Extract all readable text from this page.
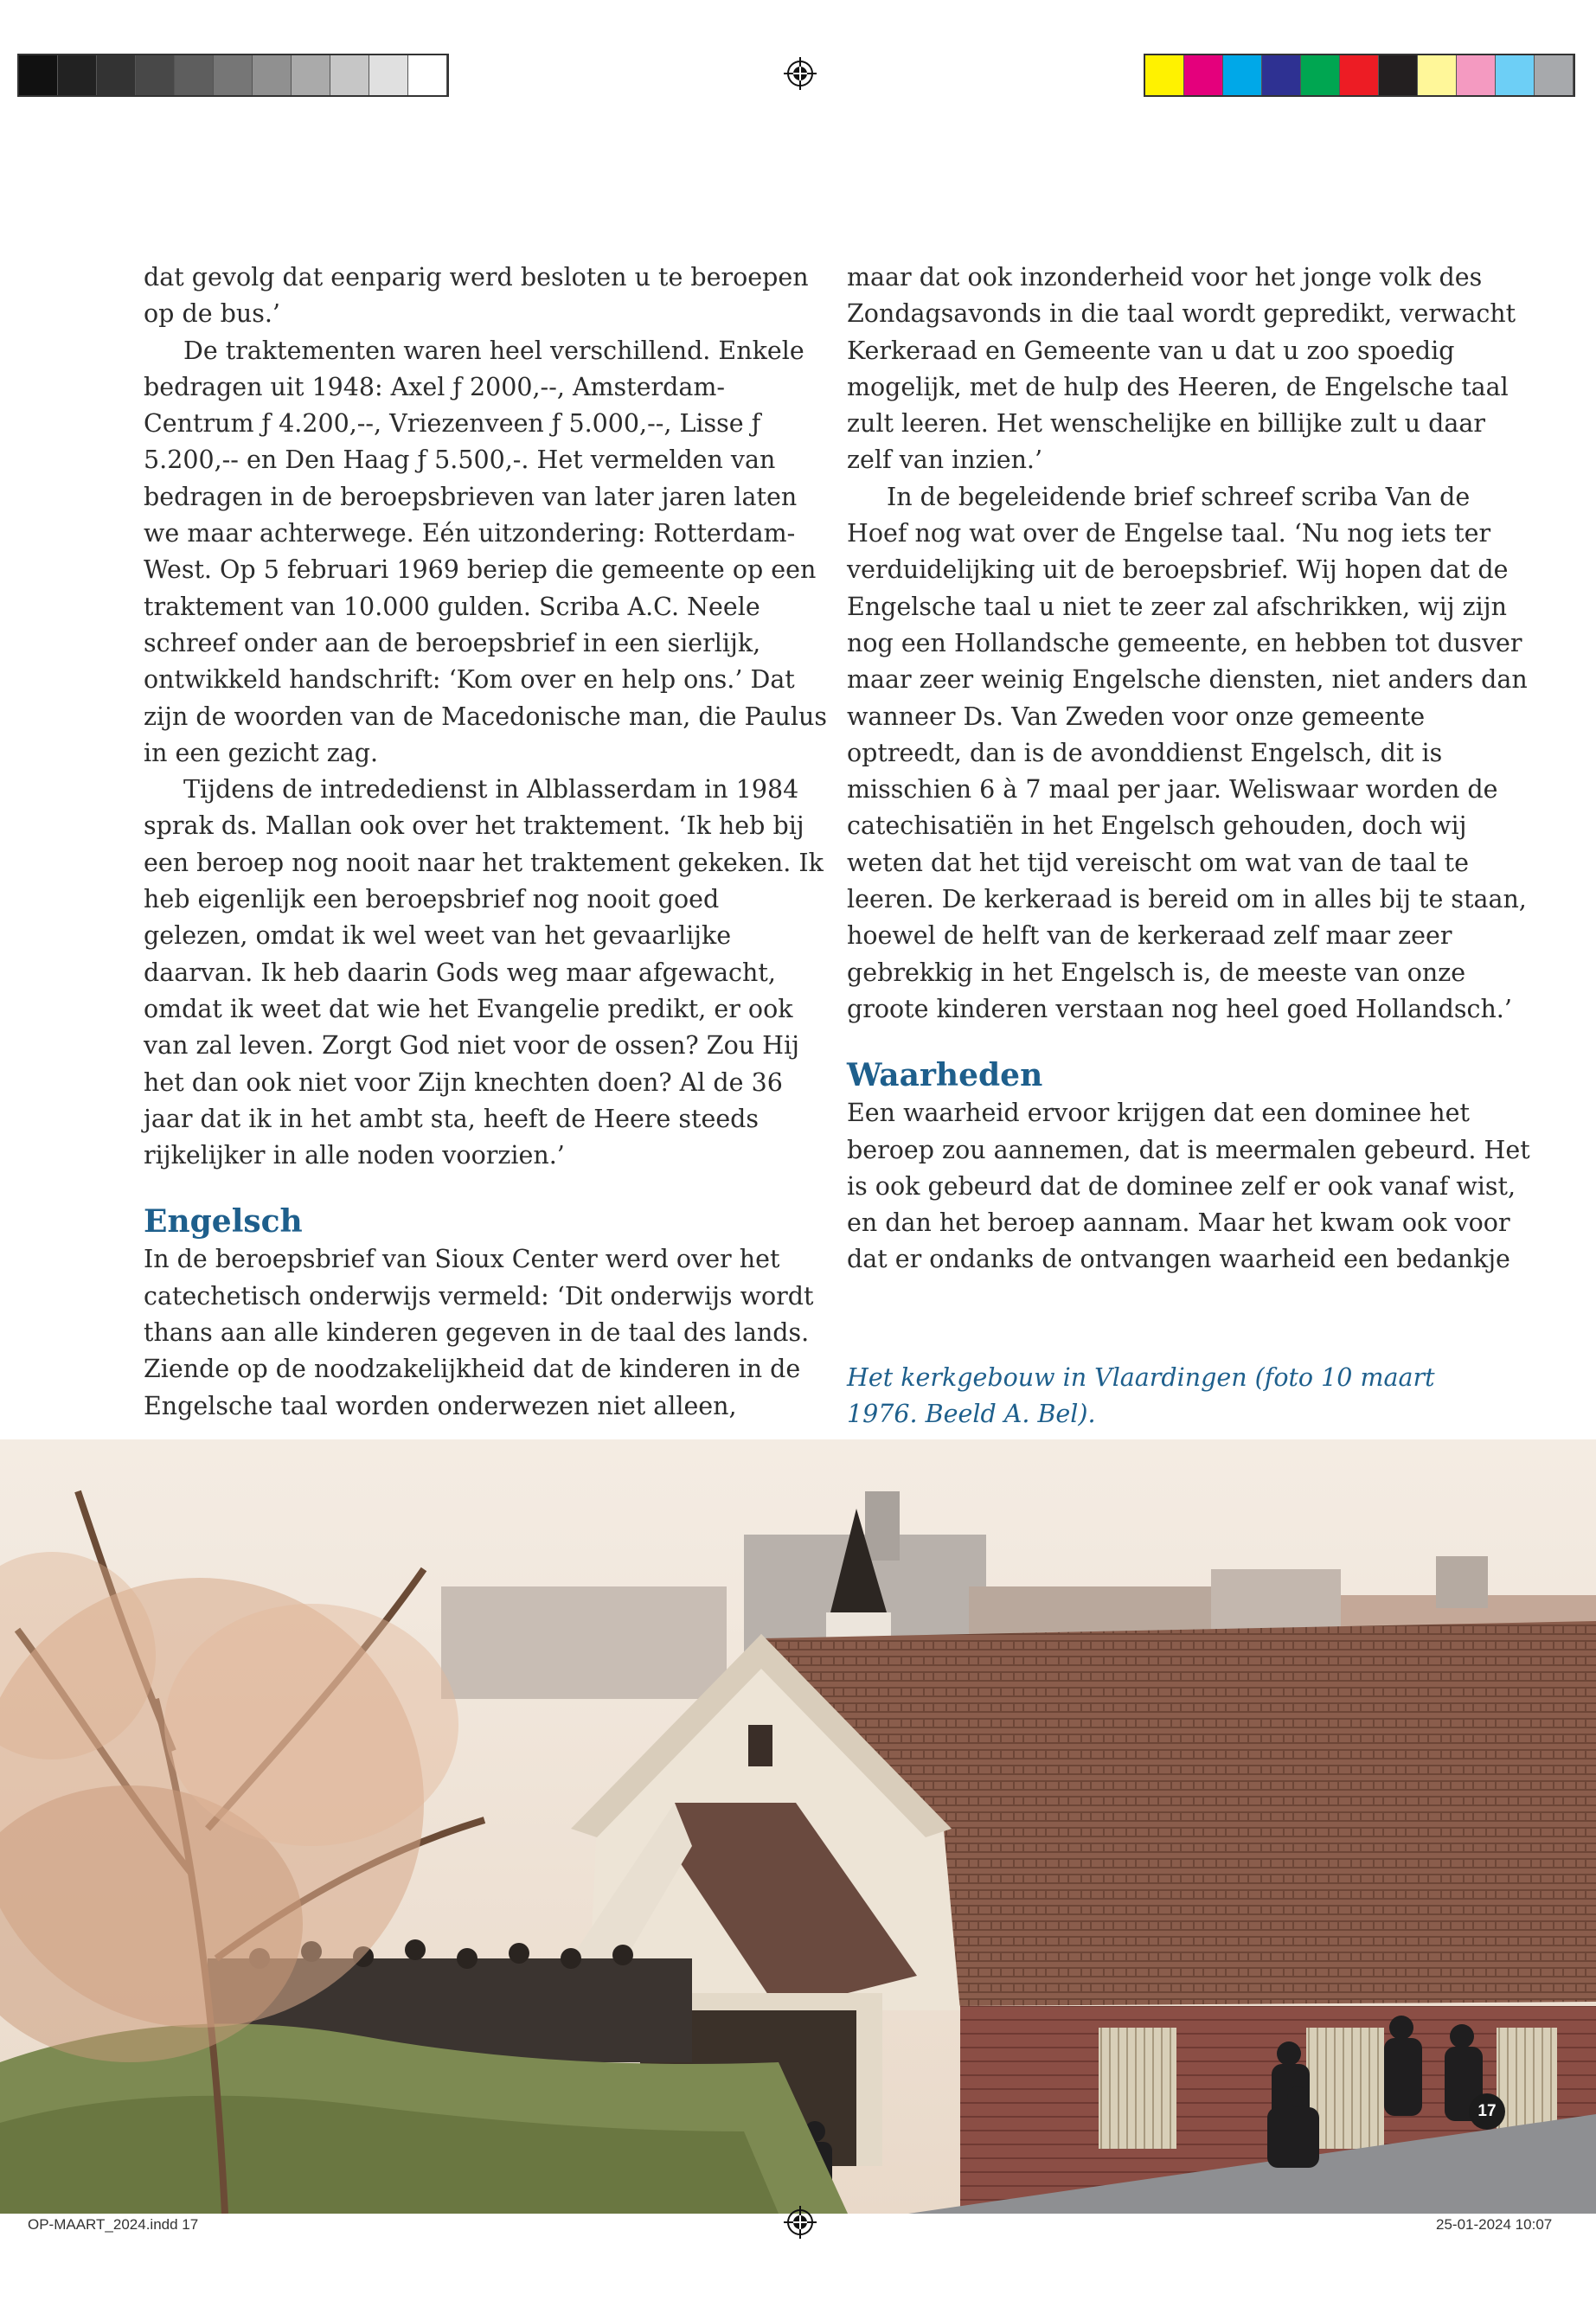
dat gevolg dat eenparig werd besloten u te beroepen op de bus.’

De traktementen waren heel verschillend. Enkele bedragen uit 1948: Axel ƒ 2000,--, Amsterdam-Centrum ƒ 4.200,--, Vriezenveen ƒ 5.000,--, Lisse ƒ 5.200,-- en Den Haag ƒ 5.500,-. Het vermelden van bedragen in de beroepsbrieven van later jaren laten we maar achterwege. Eén uitzondering: Rotterdam-West. Op 5 februari 1969 beriep die gemeente op een traktement van 10.000 gulden. Scriba A.C. Neele schreef onder aan de beroepsbrief in een sierlijk, ontwikkeld handschrift: ‘Kom over en help ons.’ Dat zijn de woorden van de Macedonische man, die Paulus in een gezicht zag.

Tijdens de intrededienst in Alblasserdam in 1984 sprak ds. Mallan ook over het traktement. ‘Ik heb bij een beroep nog nooit naar het traktement gekeken. Ik heb eigenlijk een beroepsbrief nog nooit goed gelezen, omdat ik wel weet van het gevaarlijke daarvan. Ik heb daarin Gods weg maar afgewacht, omdat ik weet dat wie het Evangelie predikt, er ook van zal leven. Zorgt God niet voor de ossen? Zou Hij het dan ook niet voor Zijn knechten doen? Al de 36 jaar dat ik in het ambt sta, heeft de Heere steeds rijkelijker in alle noden voorzien.’

Engelsch

In de beroepsbrief van Sioux Center werd over het catechetisch onderwijs vermeld: ‘Dit onderwijs wordt thans aan alle kinderen gegeven in de taal des lands. Ziende op de noodzakelijkheid dat de kinderen in de Engelsche taal worden onderwezen niet alleen,

maar dat ook inzonderheid voor het jonge volk des Zondagsavonds in die taal wordt gepredikt, verwacht Kerkeraad en Gemeente van u dat u zoo spoedig mogelijk, met de hulp des Heeren, de Engelsche taal zult leeren. Het wenschelijke en billijke zult u daar zelf van inzien.’

In de begeleidende brief schreef scriba Van de Hoef nog wat over de Engelse taal. ‘Nu nog iets ter verduidelijking uit de beroepsbrief. Wij hopen dat de Engelsche taal u niet te zeer zal afschrikken, wij zijn nog een Hollandsche gemeente, en hebben tot dusver maar zeer weinig Engelsche diensten, niet anders dan wanneer Ds. Van Zweden voor onze gemeente optreedt, dan is de avonddienst Engelsch, dit is misschien 6 à 7 maal per jaar. Weliswaar worden de catechisatiën in het Engelsch gehouden, doch wij weten dat het tijd vereischt om wat van de taal te leeren. De kerkeraad is bereid om in alles bij te staan, hoewel de helft van de kerkeraad zelf maar zeer gebrekkig in het Engelsch is, de meeste van onze groote kinderen verstaan nog heel goed Hollandsch.’

Waarheden

Een waarheid ervoor krijgen dat een dominee het beroep zou aannemen, dat is meermalen gebeurd. Het is ook gebeurd dat de dominee zelf er ook vanaf wist, en dan het beroep aannam. Maar het kwam ook voor dat er ondanks de ontvangen waarheid een bedankje

Het kerkgebouw in Vlaardingen (foto 10 maart 1976. Beeld A. Bel).
17
OP-MAART_2024.indd 17	25-01-2024 10:07
